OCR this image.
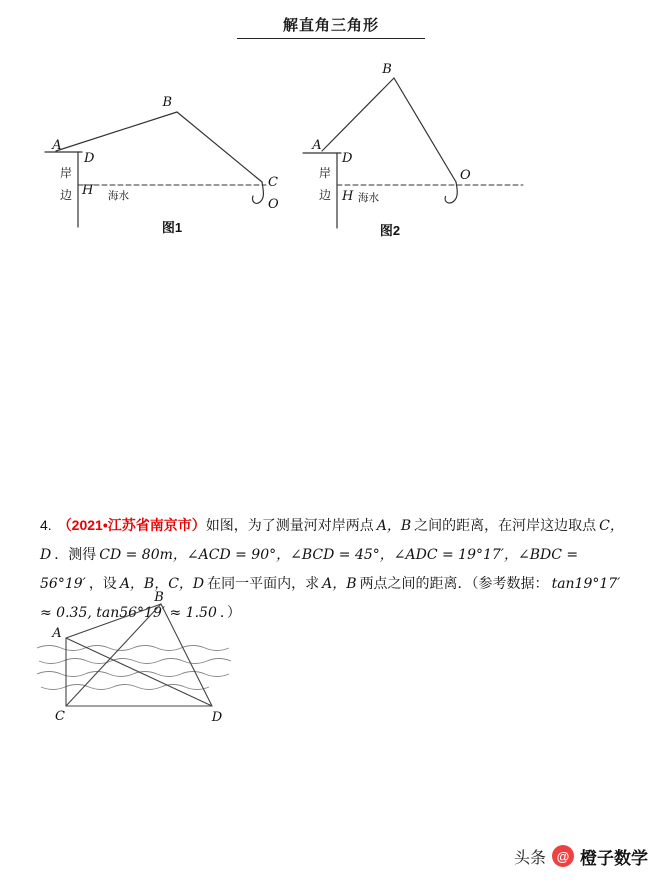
解直角三角形
A
B
C
D
H
O
岸
边	海水
图1
B
A
D
H
O
岸
边	海水
图2

4. （2021•江苏省南京市）如图，为了测量河对岸两点 A，B 之间的距离，在河岸这边取点 C，D ．测得 CD = 80m，∠ACD = 90°，∠BCD = 45°，∠ADC = 19°17′，∠BDC = 56°19′ ，设 A，B，C，D 在同一平面内，求 A，B 两点之间的距离．（参考数据： tan19°17′ ≈ 0.35, tan56°19′ ≈ 1.50 ．）

A
B
C	D
头条 @ 橙子数学
